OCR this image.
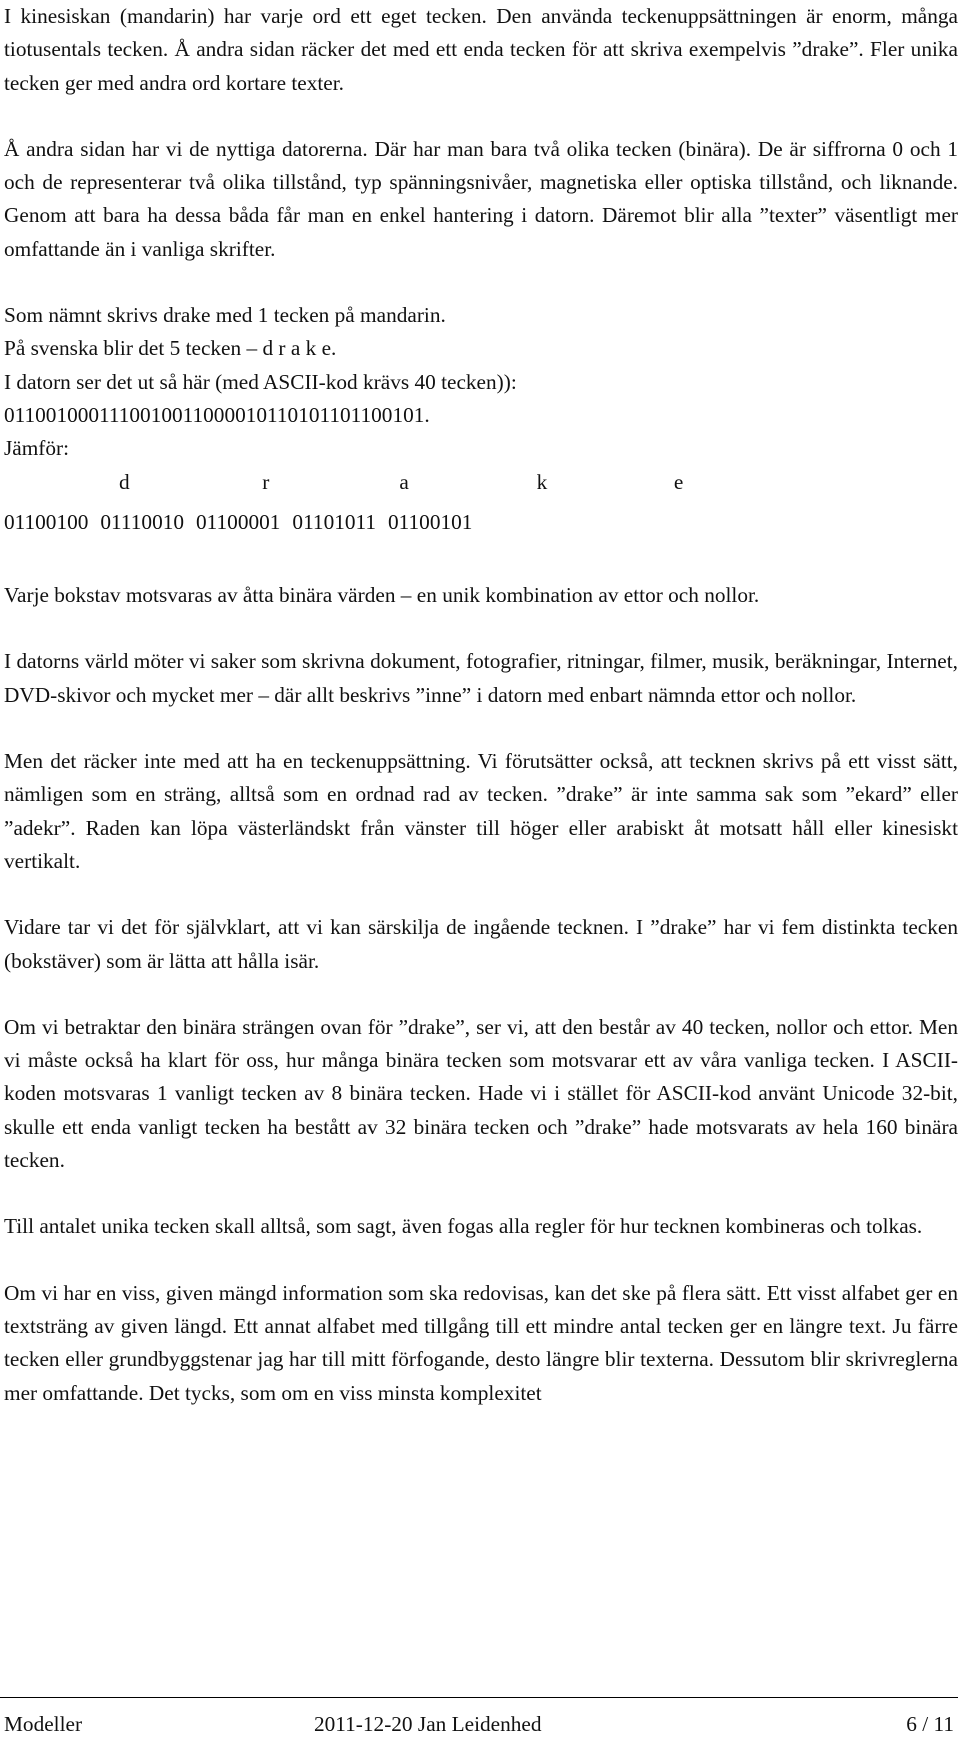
I kinesiskan (mandarin) har varje ord ett eget tecken. Den använda teckenuppsättningen är enorm, många tiotusentals tecken. Å andra sidan räcker det med ett enda tecken för att skriva exempelvis ”drake”. Fler unika tecken ger med andra ord kortare texter.

Å andra sidan har vi de nyttiga datorerna. Där har man bara två olika tecken (binära). De är siffrorna 0 och 1 och de representerar två olika tillstånd, typ spänningsnivåer, magnetiska eller optiska tillstånd, och liknande. Genom att bara ha dessa båda får man en enkel hantering i datorn. Däremot blir alla ”texter” väsentligt mer omfattande än i vanliga skrifter.

Som nämnt skrivs drake med 1 tecken på mandarin.

På svenska blir det 5 tecken – d r a k e.

I datorn ser det ut så här (med ASCII-kod krävs 40 tecken)):

0110010001110010011000010110101101100101.

Jämför:

d	r	a	k	e
01100100 01110010 01100001 01101011 01100101

Varje bokstav motsvaras av åtta binära värden – en unik kombination av ettor och nollor.

I datorns värld möter vi saker som skrivna dokument, fotografier, ritningar, filmer, musik, beräkningar, Internet, DVD-skivor och mycket mer – där allt beskrivs ”inne” i datorn med enbart nämnda ettor och nollor.

Men det räcker inte med att ha en teckenuppsättning. Vi förutsätter också, att tecknen skrivs på ett visst sätt, nämligen som en sträng, alltså som en ordnad rad av tecken. ”drake” är inte samma sak som ”ekard” eller ”adekr”. Raden kan löpa västerländskt från vänster till höger eller arabiskt åt motsatt håll eller kinesiskt vertikalt.

Vidare tar vi det för självklart, att vi kan särskilja de ingående tecknen. I ”drake” har vi fem distinkta tecken (bokstäver) som är lätta att hålla isär.

Om vi betraktar den binära strängen ovan för ”drake”, ser vi, att den består av 40 tecken, nollor och ettor. Men vi måste också ha klart för oss, hur många binära tecken som motsvarar ett av våra vanliga tecken. I ASCII-koden motsvaras 1 vanligt tecken av 8 binära tecken. Hade vi i stället för ASCII-kod använt Unicode 32-bit, skulle ett enda vanligt tecken ha bestått av 32 binära tecken och ”drake” hade motsvarats av hela 160 binära tecken.

Till antalet unika tecken skall alltså, som sagt, även fogas alla regler för hur tecknen kombineras och tolkas.

Om vi har en viss, given mängd information som ska redovisas, kan det ske på flera sätt. Ett visst alfabet ger en textsträng av given längd. Ett annat alfabet med tillgång till ett mindre antal tecken ger en längre text. Ju färre tecken eller grundbyggstenar jag har till mitt förfogande, desto längre blir texterna. Dessutom blir skrivreglerna mer omfattande. Det tycks, som om en viss minsta komplexitet

Modeller	2011-12-20 Jan Leidenhed	6 / 11
